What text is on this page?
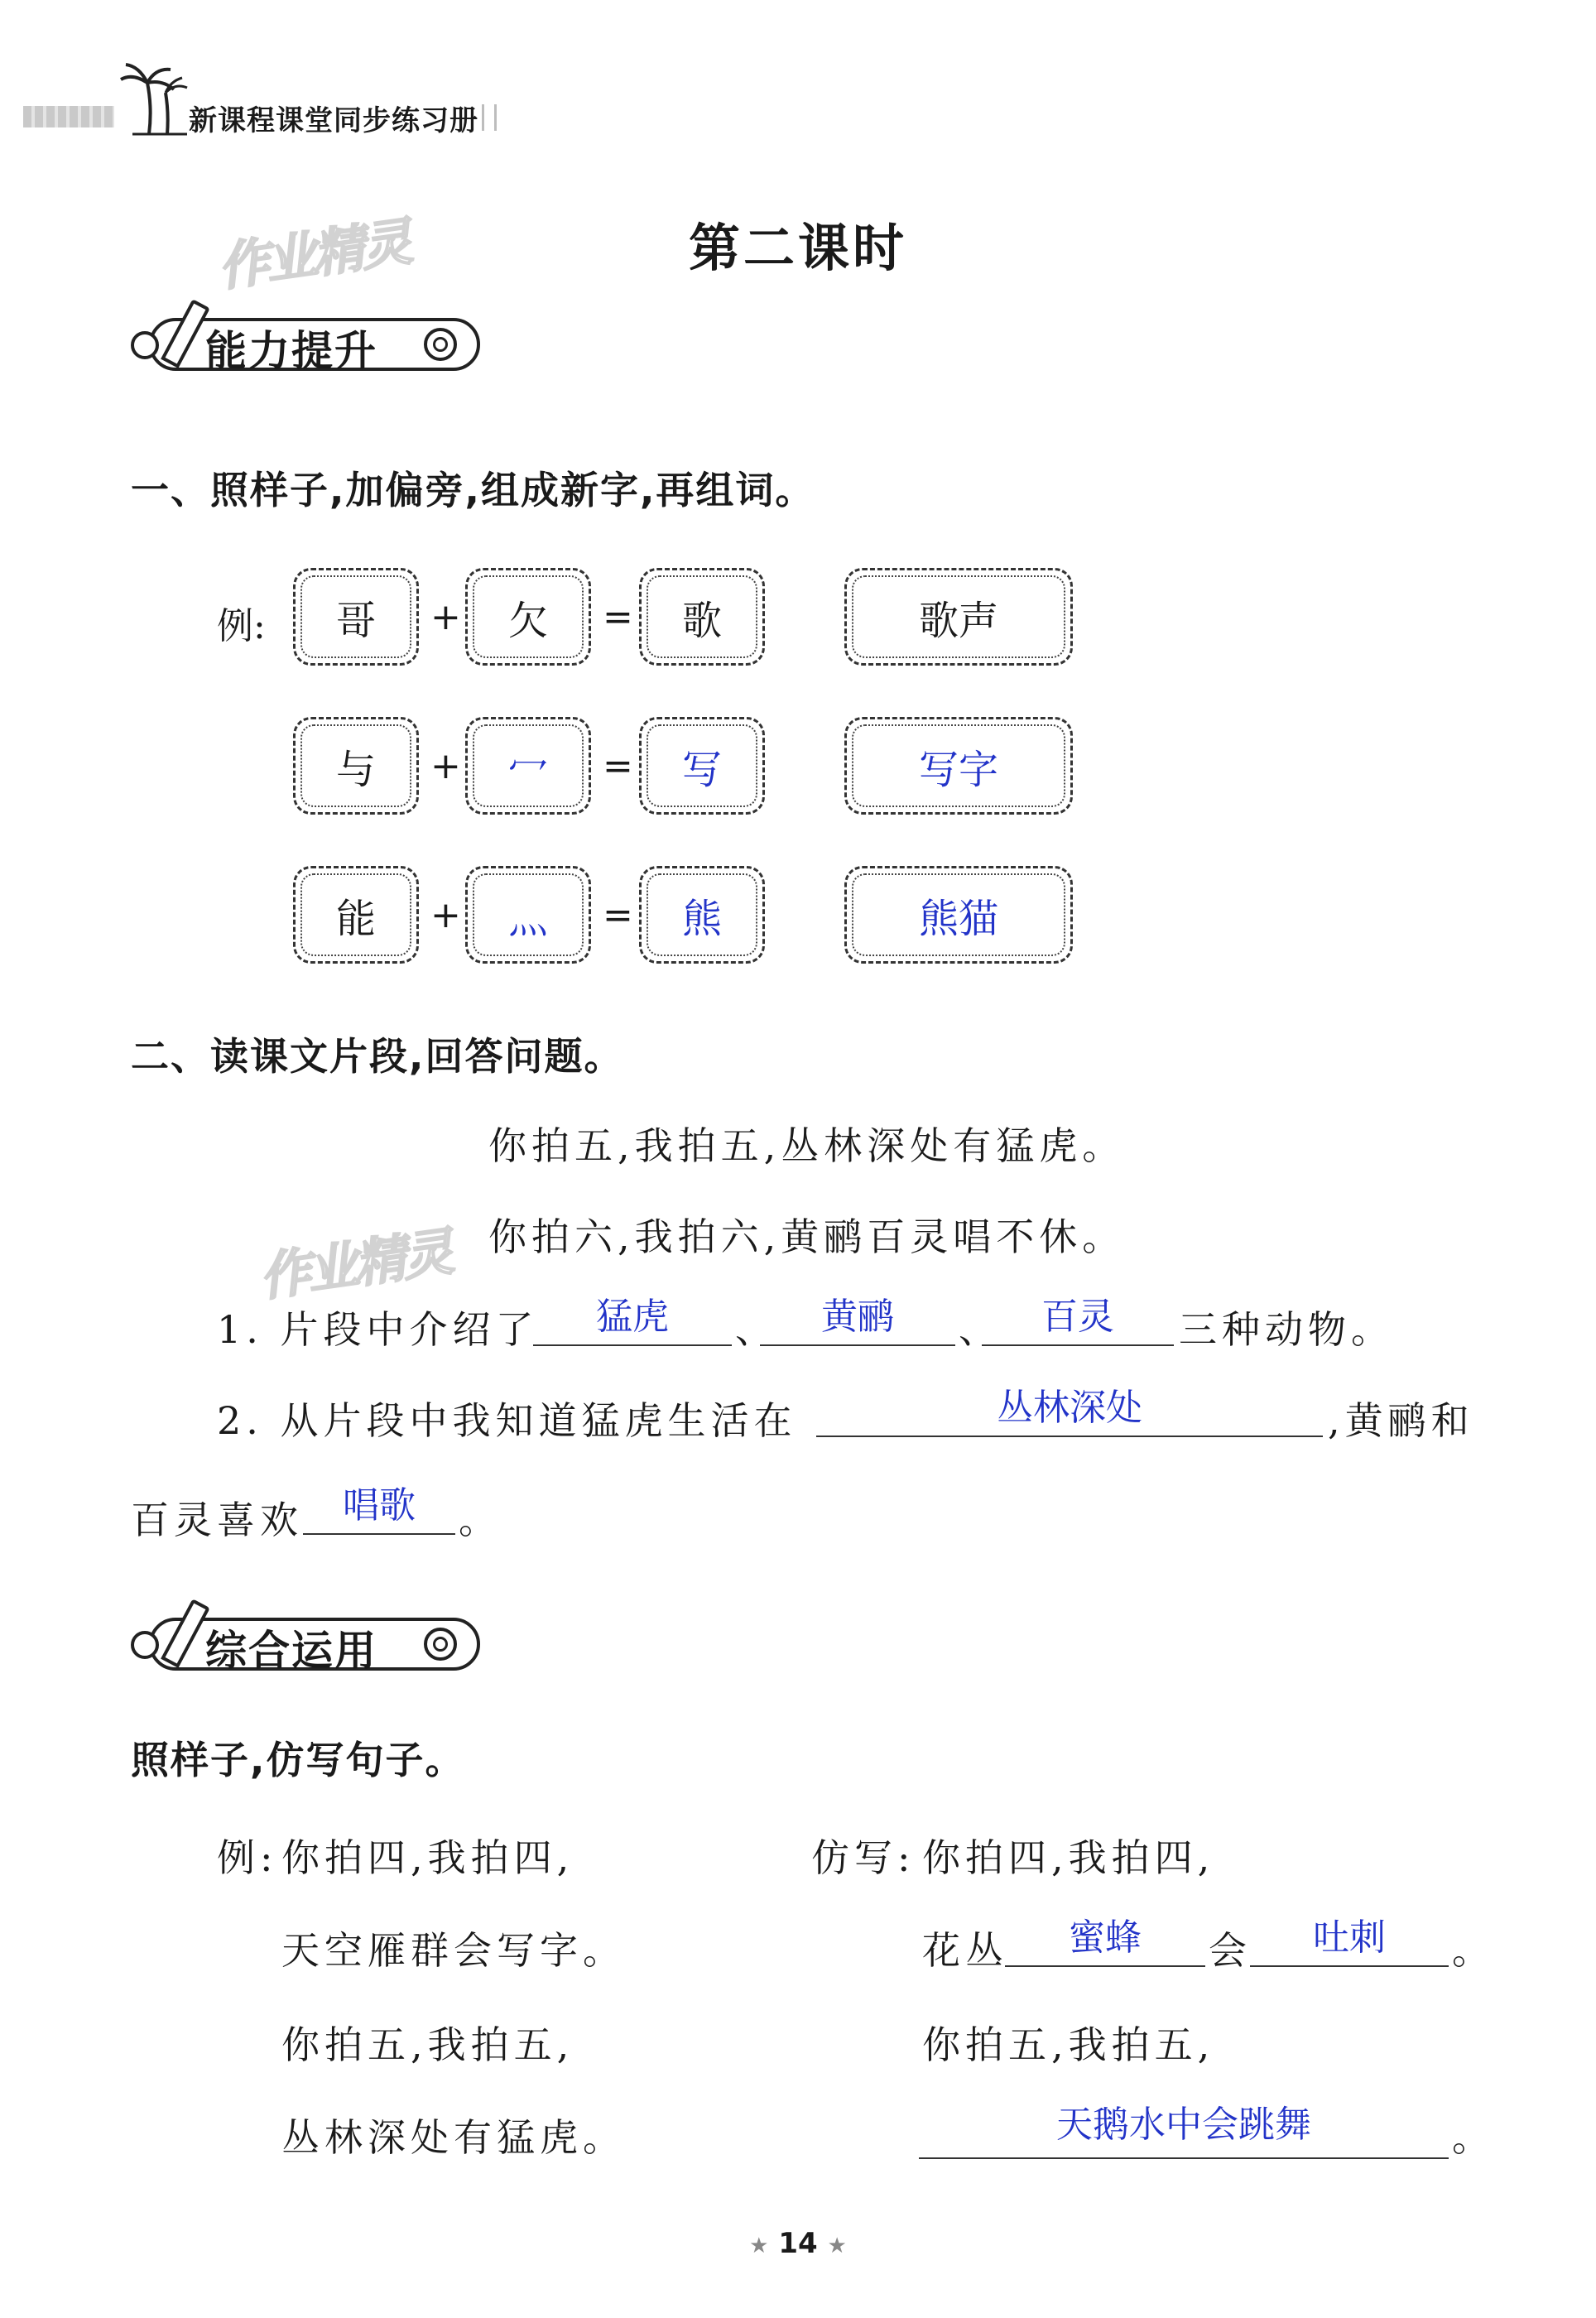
新课程课堂同步练习册
作业精灵
作业精灵
第二课时
能力提升
一、照样子,加偏旁,组成新字,再组词。
例:	哥	+	欠	=	歌	歌声
与	+	冖	=	写	写字
能	+	灬	=	熊	熊猫
二、读课文片段,回答问题。
你拍五,我拍五,丛林深处有猛虎。
你拍六,我拍六,黄鹂百灵唱不休。
1. 片段中介绍了	猛虎	、	黄鹂	、	百灵	三种动物。
2. 从片段中我知道猛虎生活在	丛林深处	,黄鹂和
百灵喜欢	唱歌	。
综合运用
照样子,仿写句子。
例: 你拍四,我拍四,
天空雁群会写字。
你拍五,我拍五,
丛林深处有猛虎。
仿写: 你拍四,我拍四,
花丛	蜜蜂	会	吐刺	。
你拍五,我拍五,
天鹅水中会跳舞	。
★ 14 ★
